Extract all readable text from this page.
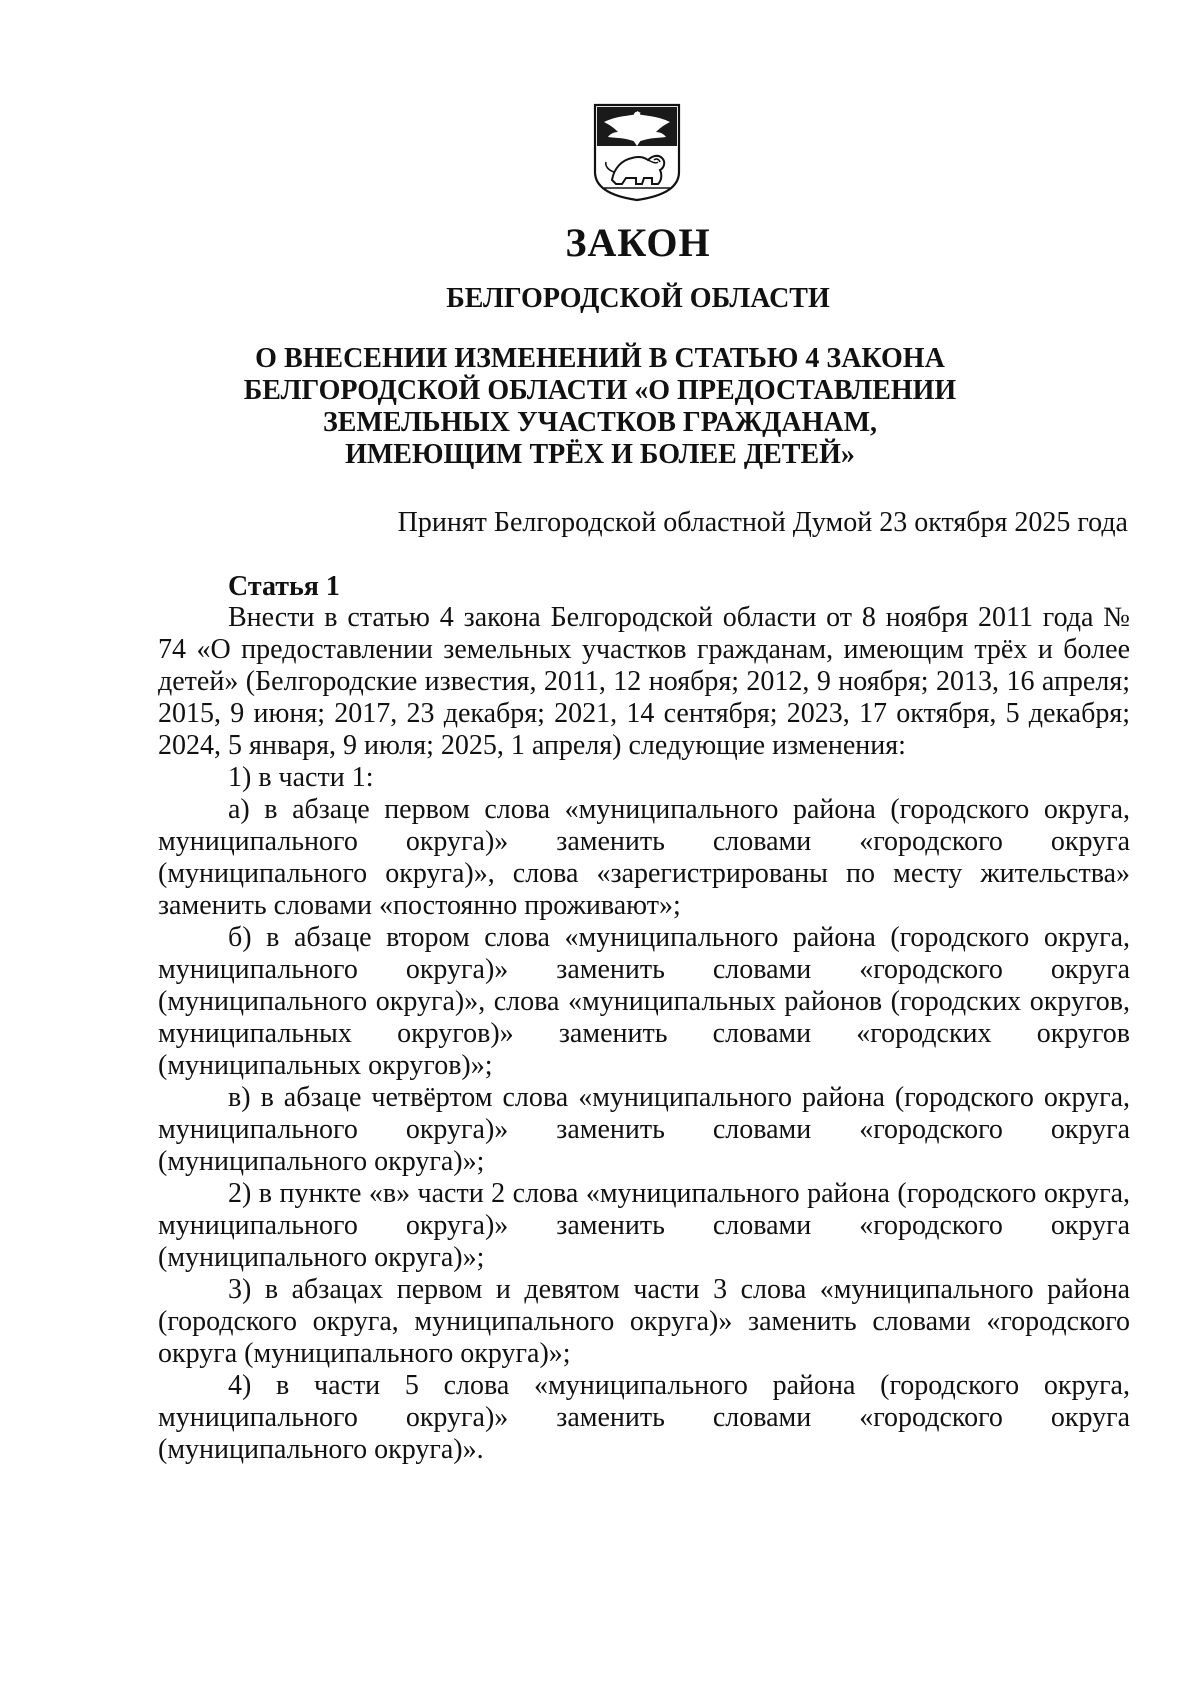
ЗАКОН
БЕЛГОРОДСКОЙ ОБЛАСТИ
О ВНЕСЕНИИ ИЗМЕНЕНИЙ В СТАТЬЮ 4 ЗАКОНА
БЕЛГОРОДСКОЙ ОБЛАСТИ «О ПРЕДОСТАВЛЕНИИ
ЗЕМЕЛЬНЫХ УЧАСТКОВ ГРАЖДАНАМ,
ИМЕЮЩИМ ТРЁХ И БОЛЕЕ ДЕТЕЙ»
Принят Белгородской областной Думой 23 октября 2025 года
Статья 1

Внести в статью 4 закона Белгородской области от 8 ноября 2011 года № 74 «О предоставлении земельных участков гражданам, имеющим трёх и более детей» (Белгородские известия, 2011, 12 ноября; 2012, 9 ноября; 2013, 16 апреля; 2015, 9 июня; 2017, 23 декабря; 2021, 14 сентября; 2023, 17 октября, 5 декабря; 2024, 5 января, 9 июля; 2025, 1 апреля) следующие изменения:

1) в части 1:

а) в абзаце первом слова «муниципального района (городского округа, муниципального округа)» заменить словами «городского округа (муниципального округа)», слова «зарегистрированы по месту жительства» заменить словами «постоянно проживают»;

б) в абзаце втором слова «муниципального района (городского округа, муниципального округа)» заменить словами «городского округа (муниципального округа)», слова «муниципальных районов (городских округов, муниципальных округов)» заменить словами «городских округов (муниципальных округов)»;

в) в абзаце четвёртом слова «муниципального района (городского округа, муниципального округа)» заменить словами «городского округа (муниципального округа)»;

2) в пункте «в» части 2 слова «муниципального района (городского округа, муниципального округа)» заменить словами «городского округа (муниципального округа)»;

3) в абзацах первом и девятом части 3 слова «муниципального района (городского округа, муниципального округа)» заменить словами «городского округа (муниципального округа)»;

4) в части 5 слова «муниципального района (городского округа, муниципального округа)» заменить словами «городского округа (муниципального округа)».
